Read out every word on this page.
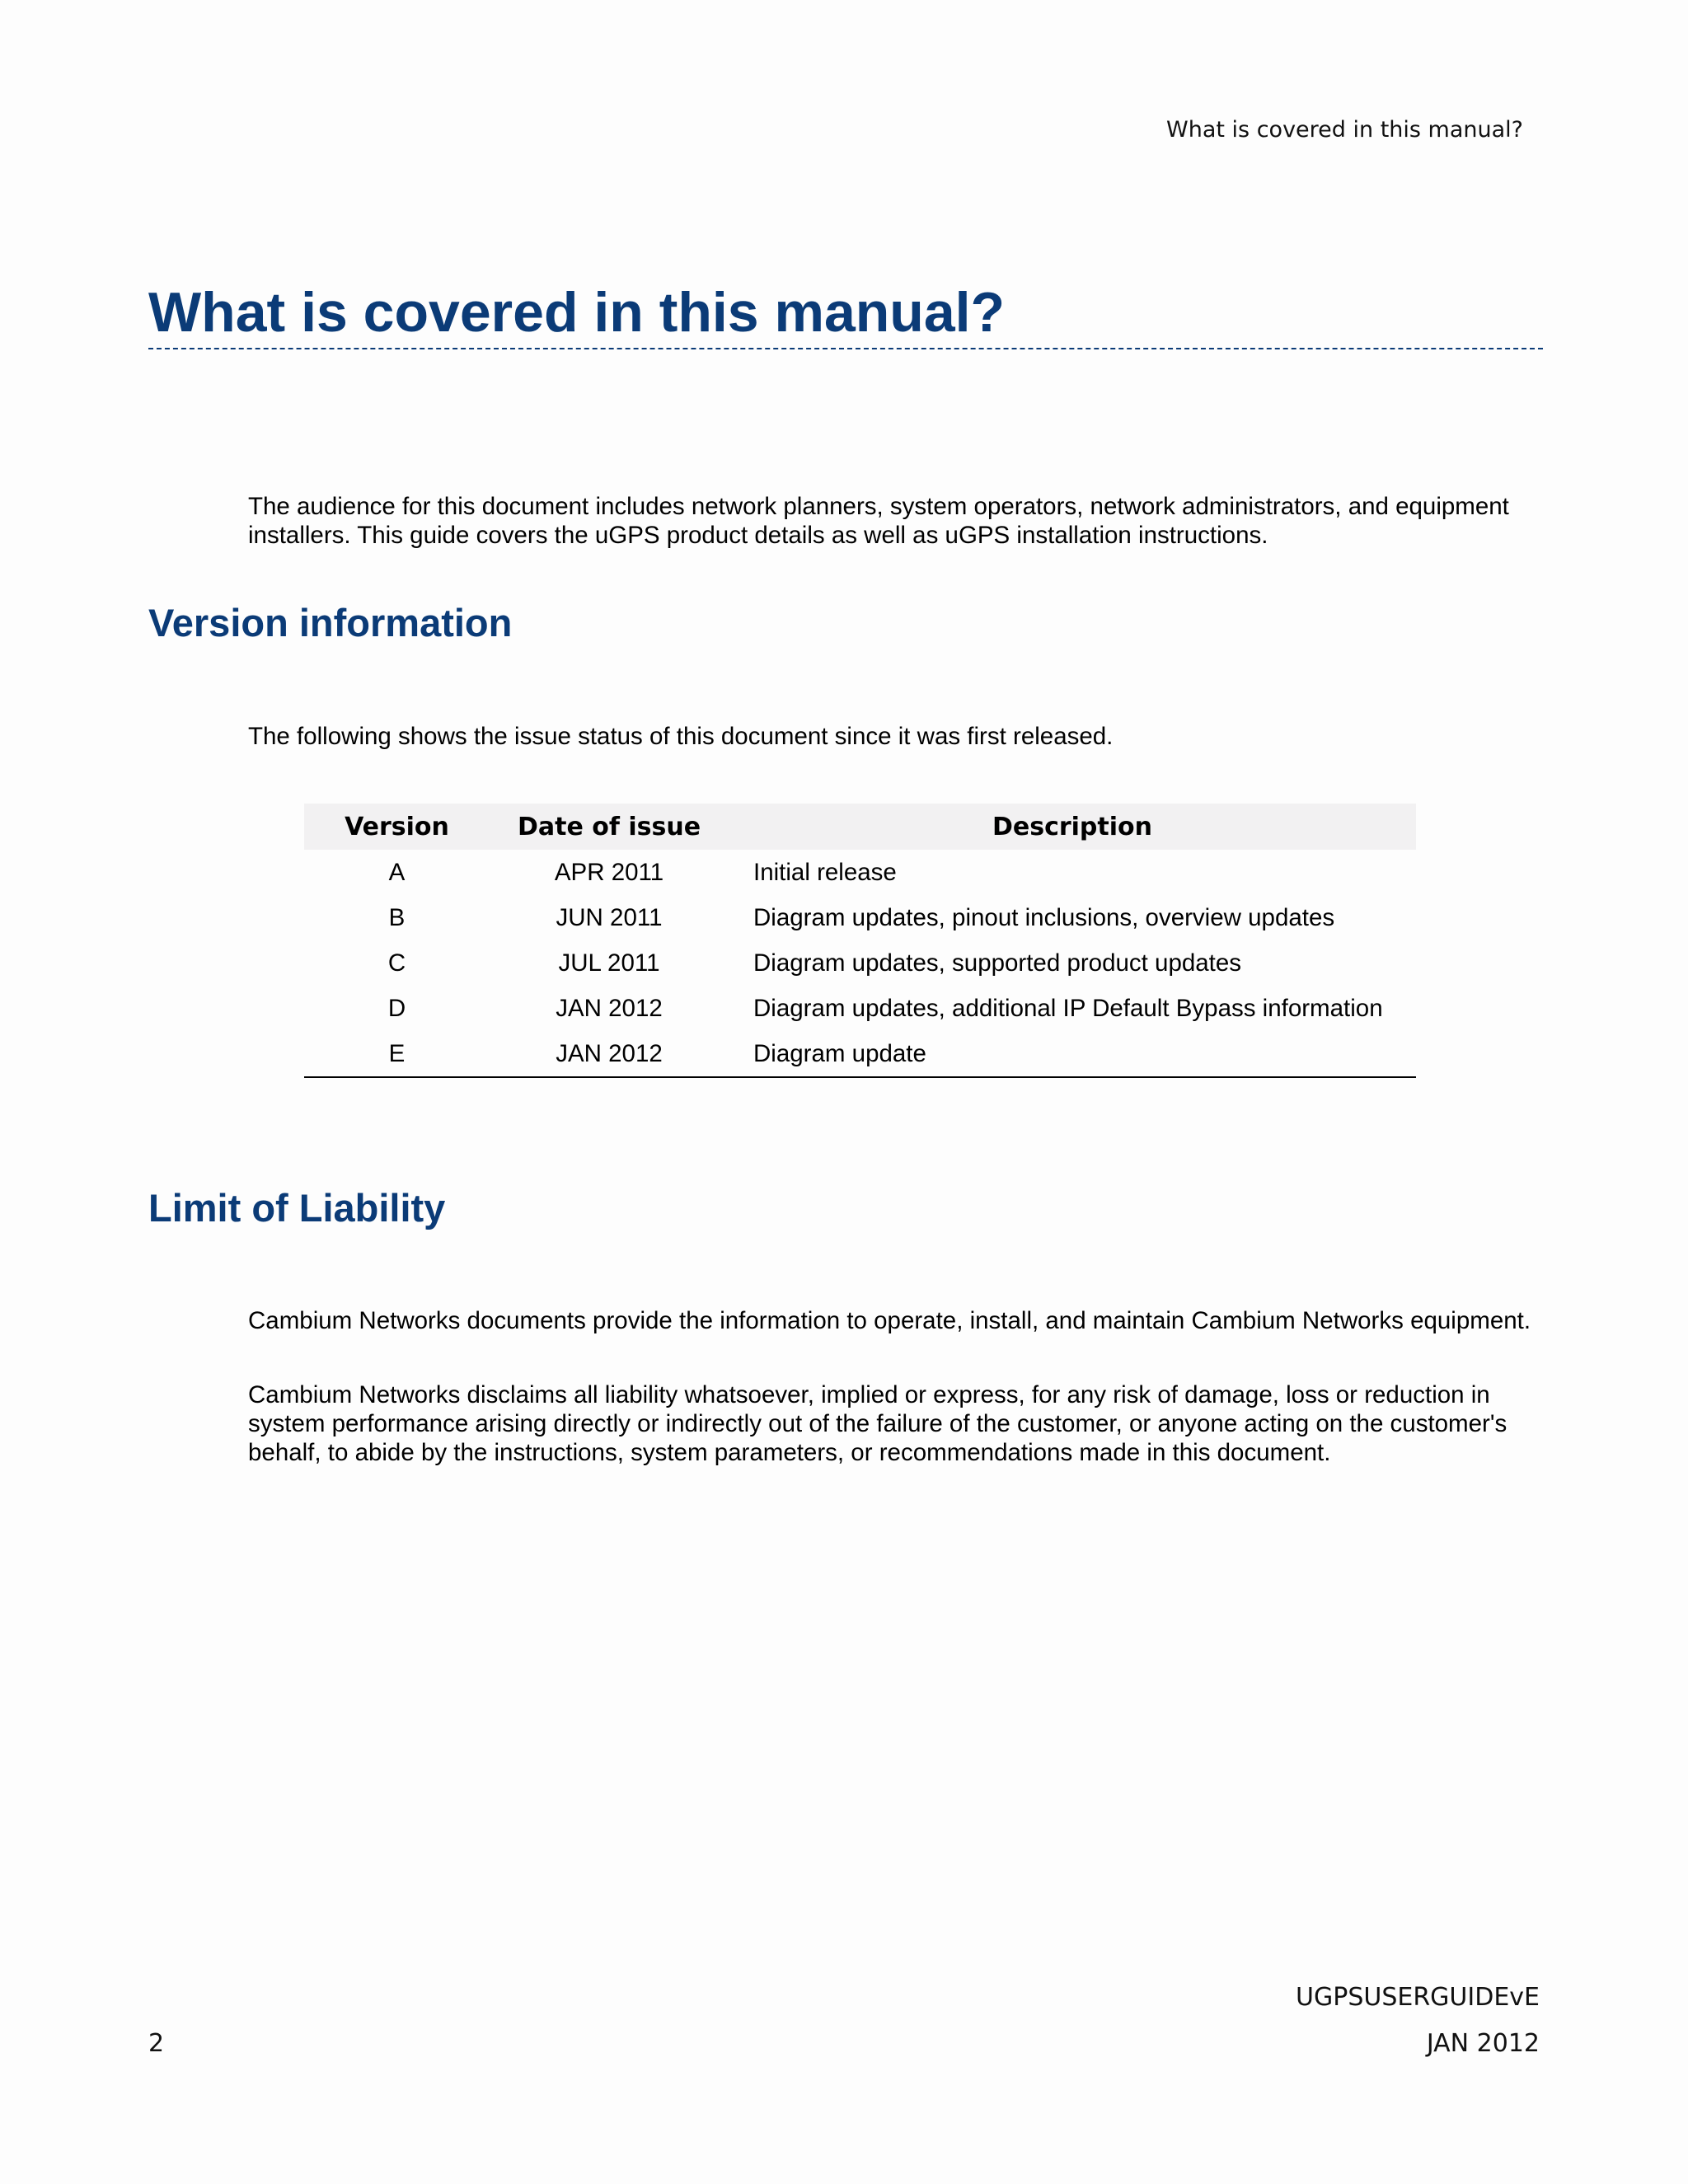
What is covered in this manual?
What is covered in this manual?

The audience for this document includes network planners, system operators, network administrators, and equipment installers. This guide covers the uGPS product details as well as uGPS installation instructions.

Version information

The following shows the issue status of this document since it was first released.

Version	Date of issue	Description
A	APR 2011	Initial release
B	JUN 2011	Diagram updates, pinout inclusions, overview updates
C	JUL 2011	Diagram updates, supported product updates
D	JAN 2012	Diagram updates, additional IP Default Bypass information
E	JAN 2012	Diagram update
Limit of Liability

Cambium Networks documents provide the information to operate, install, and maintain Cambium Networks equipment.

Cambium Networks disclaims all liability whatsoever, implied or express, for any risk of damage, loss or reduction in system performance arising directly or indirectly out of the failure of the customer, or anyone acting on the customer's behalf, to abide by the instructions, system parameters, or recommendations made in this document.

2
UGPSUSERGUIDEvE
JAN 2012
